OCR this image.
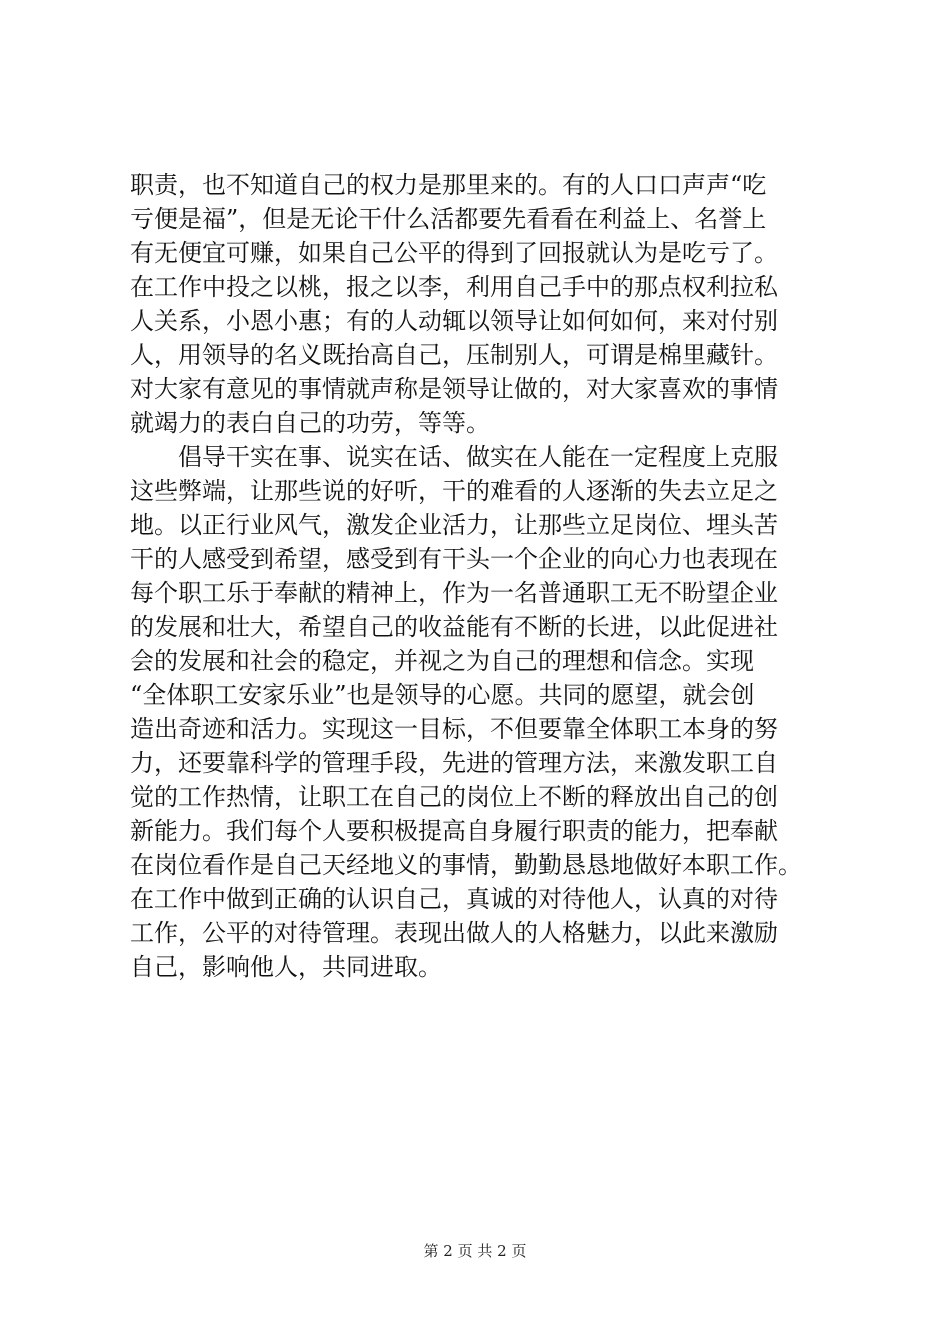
职责，也不知道自己的权力是那里来的。有的人口口声声“吃
亏便是福”，但是无论干什么活都要先看看在利益上、名誉上
有无便宜可赚，如果自己公平的得到了回报就认为是吃亏了。
在工作中投之以桃，报之以李，利用自己手中的那点权利拉私
人关系，小恩小惠；有的人动辄以领导让如何如何，来对付别
人，用领导的名义既抬高自己，压制别人，可谓是棉里藏针。
对大家有意见的事情就声称是领导让做的，对大家喜欢的事情
就竭力的表白自己的功劳，等等。
倡导干实在事、说实在话、做实在人能在一定程度上克服
这些弊端，让那些说的好听，干的难看的人逐渐的失去立足之
地。以正行业风气，激发企业活力，让那些立足岗位、埋头苦
干的人感受到希望，感受到有干头一个企业的向心力也表现在
每个职工乐于奉献的精神上，作为一名普通职工无不盼望企业
的发展和壮大，希望自己的收益能有不断的长进，以此促进社
会的发展和社会的稳定，并视之为自己的理想和信念。实现
“全体职工安家乐业”也是领导的心愿。共同的愿望，就会创
造出奇迹和活力。实现这一目标，不但要靠全体职工本身的努
力，还要靠科学的管理手段，先进的管理方法，来激发职工自
觉的工作热情，让职工在自己的岗位上不断的释放出自己的创
新能力。我们每个人要积极提高自身履行职责的能力，把奉献
在岗位看作是自己天经地义的事情，勤勤恳恳地做好本职工作。
在工作中做到正确的认识自己，真诚的对待他人，认真的对待
工作，公平的对待管理。表现出做人的人格魅力，以此来激励
自己，影响他人，共同进取。
第 2 页 共 2 页
